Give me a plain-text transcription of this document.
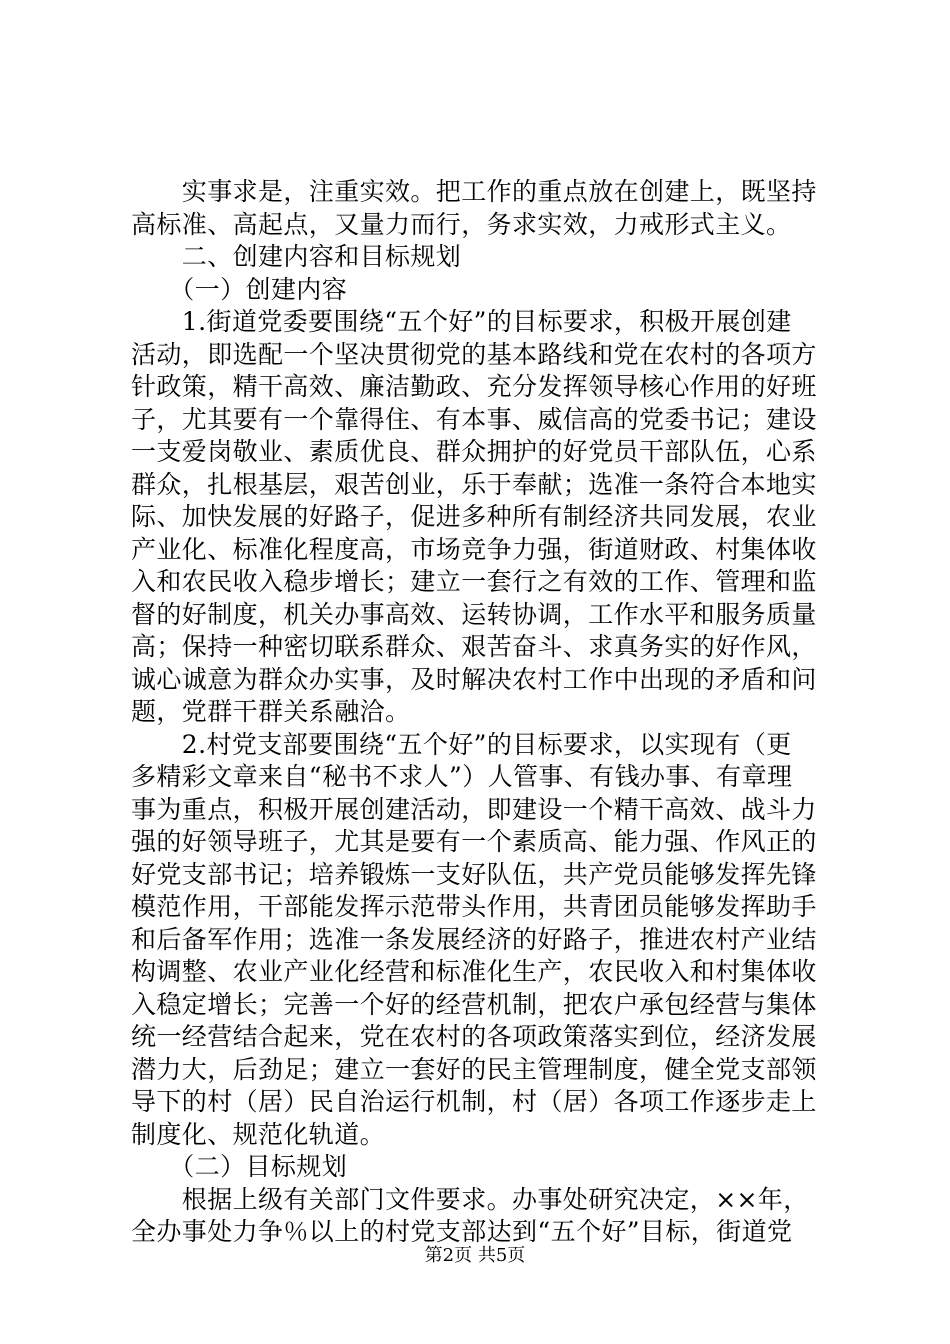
　　实事求是，注重实效。把工作的重点放在创建上，既坚持
高标准、高起点，又量力而行，务求实效，力戒形式主义。
　　二、创建内容和目标规划
　　（一）创建内容
　　1.街道党委要围绕“五个好”的目标要求，积极开展创建
活动，即选配一个坚决贯彻党的基本路线和党在农村的各项方
针政策，精干高效、廉洁勤政、充分发挥领导核心作用的好班
子，尤其要有一个靠得住、有本事、威信高的党委书记；建设
一支爱岗敬业、素质优良、群众拥护的好党员干部队伍，心系
群众，扎根基层，艰苦创业，乐于奉献；选准一条符合本地实
际、加快发展的好路子，促进多种所有制经济共同发展，农业
产业化、标准化程度高，市场竞争力强，街道财政、村集体收
入和农民收入稳步增长；建立一套行之有效的工作、管理和监
督的好制度，机关办事高效、运转协调，工作水平和服务质量
高；保持一种密切联系群众、艰苦奋斗、求真务实的好作风，
诚心诚意为群众办实事，及时解决农村工作中出现的矛盾和问
题，党群干群关系融洽。
　　2.村党支部要围绕“五个好”的目标要求，以实现有（更
多精彩文章来自“秘书不求人”）人管事、有钱办事、有章理
事为重点，积极开展创建活动，即建设一个精干高效、战斗力
强的好领导班子，尤其是要有一个素质高、能力强、作风正的
好党支部书记；培养锻炼一支好队伍，共产党员能够发挥先锋
模范作用，干部能发挥示范带头作用，共青团员能够发挥助手
和后备军作用；选准一条发展经济的好路子，推进农村产业结
构调整、农业产业化经营和标准化生产，农民收入和村集体收
入稳定增长；完善一个好的经营机制，把农户承包经营与集体
统一经营结合起来，党在农村的各项政策落实到位，经济发展
潜力大，后劲足；建立一套好的民主管理制度，健全党支部领
导下的村（居）民自治运行机制，村（居）各项工作逐步走上
制度化、规范化轨道。
　　（二）目标规划
　　根据上级有关部门文件要求。办事处研究决定，××年，
全办事处力争％以上的村党支部达到“五个好”目标，街道党
第2页 共5页
